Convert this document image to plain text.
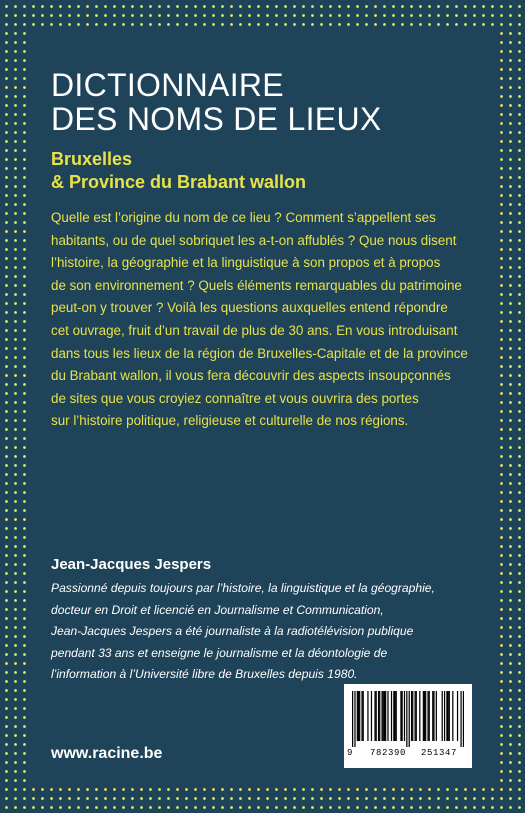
DICTIONNAIRE
DES NOMS DE LIEUX
Bruxelles
& Province du Brabant wallon

Quelle est l’origine du nom de ce lieu ? Comment s’appellent ses
habitants, ou de quel sobriquet les a-t-on affublés ? Que nous disent
l’histoire, la géographie et la linguistique à son propos et à propos
de son environnement ? Quels éléments remarquables du patrimoine
peut-on y trouver ? Voilà les questions auxquelles entend répondre
cet ouvrage, fruit d’un travail de plus de 30 ans. En vous introduisant
dans tous les lieux de la région de Bruxelles-Capitale et de la province
du Brabant wallon, il vous fera découvrir des aspects insoupçonnés
de sites que vous croyiez connaître et vous ouvrira des portes
sur l’histoire politique, religieuse et culturelle de nos régions.

Jean-Jacques Jespers

Passionné depuis toujours par l’histoire, la linguistique et la géographie,
docteur en Droit et licencié en Journalisme et Communication,
Jean-Jacques Jespers a été journaliste à la radiotélévision publique
pendant 33 ans et enseigne le journalisme et la déontologie de
l’information à l’Université libre de Bruxelles depuis 1980.

www.racine.be	9 782390 251347
